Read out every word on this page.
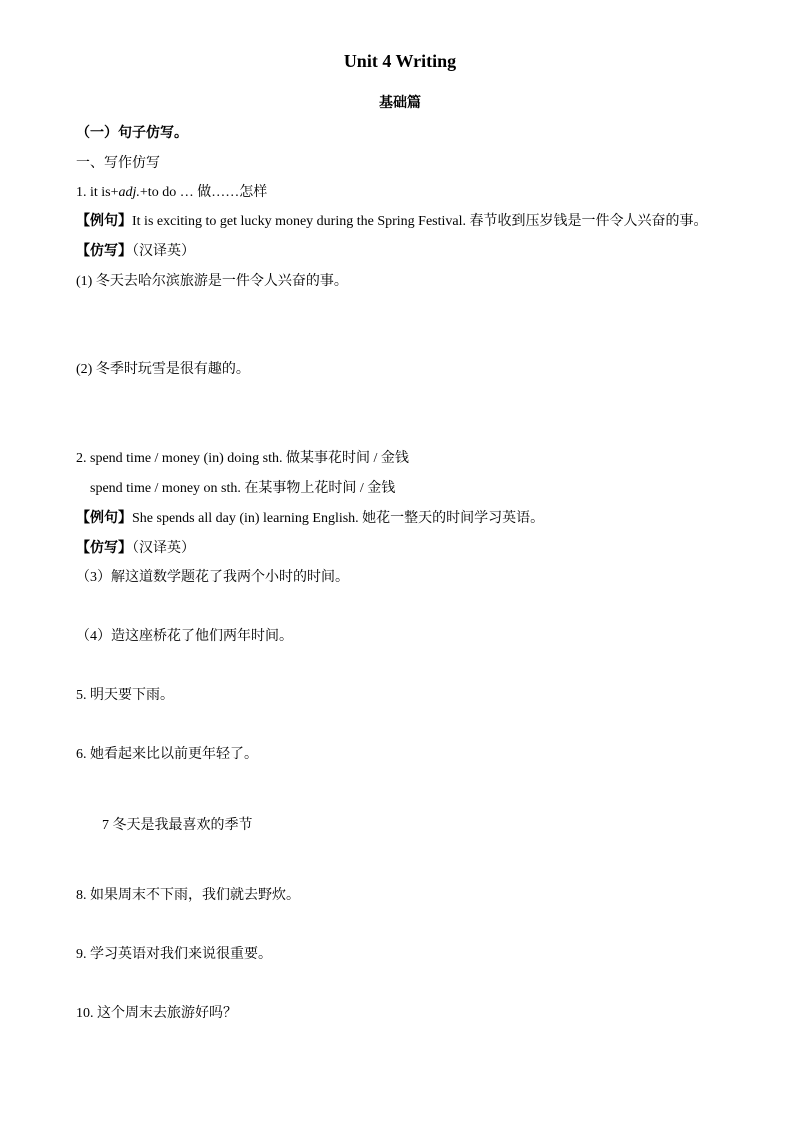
Unit 4 Writing
基础篇
（一）句子仿写。
一、写作仿写
1. it is+adj.+to do … 做……怎样
【例句】It is exciting to get lucky money during the Spring Festival. 春节收到压岁钱是一件令人兴奋的事。
【仿写】（汉译英）
(1) 冬天去哈尔滨旅游是一件令人兴奋的事。
(2) 冬季时玩雪是很有趣的。
2. spend time / money (in) doing sth. 做某事花时间 / 金钱
spend time / money on sth. 在某事物上花时间 / 金钱
【例句】She spends all day (in) learning English. 她花一整天的时间学习英语。
【仿写】（汉译英）
（3）解这道数学题花了我两个小时的时间。
（4）造这座桥花了他们两年时间。
5. 明天要下雨。
6. 她看起来比以前更年轻了。
7 冬天是我最喜欢的季节
8. 如果周末不下雨，我们就去野炊。
9. 学习英语对我们来说很重要。
10. 这个周末去旅游好吗？
